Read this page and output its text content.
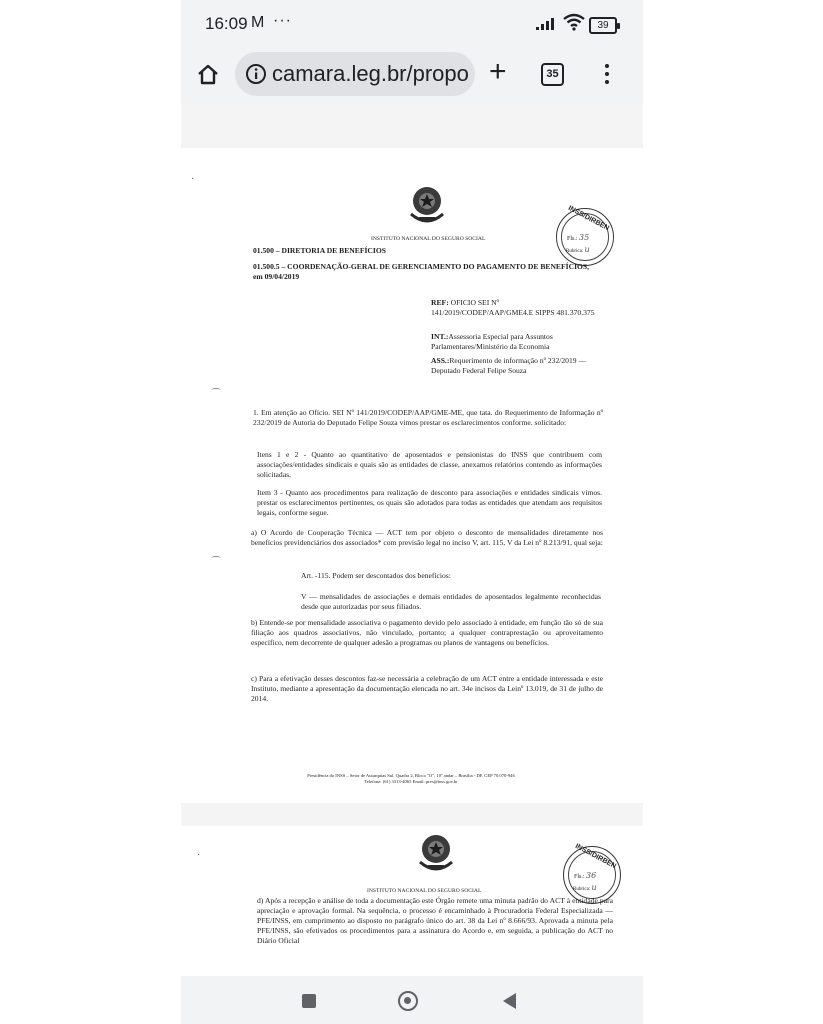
16:09 M ···	39
camara.leg.br/propo +	35
·
⌒
⌒

INSTITUTO NACIONAL DO SEGURO SOCIAL

INSS/DIRBEN
Fls.: 35
Rubrica: u

01.500 – DIRETORIA DE BENEFÍCIOS

01.500.5 – COORDENAÇÃO-GERAL DE GERENCIAMENTO DO PAGAMENTO DE BENEFÍCIOS, em 09/04/2019

REF: OFICIO SEI Nº 141/2019/CODEP/AAP/GME4.E SIPPS 481.370.375
INT.:Assessoria Especial para Assuntos Parlamentares/Ministério da Economia
ASS.:Requerimento de informação nº 232/2019 — Deputado Federal Felipe Souza

1. Em atenção ao Ofício. SEI Nº 141/2019/CODEP/AAP/GME-ME, que tata. do Requerimento de Informação nº 232/2019 de Autoria do Deputado Felipe Souza vimos prestar os esclarecimentos conforme. solicitado:

Itens 1 e 2 - Quanto ao quantitativo de aposentados e pensionistas do INSS que contribuem com associações/entidades sindicais e quais são as entidades de classe, anexamos relatórios contendo as informações solicitadas.

Item 3 - Quanto aos procedimentos para realização de desconto para associações e entidades sindicais vimos. prestar os esclarecimentos pertinentes, os quais são adotados para todas as entidades que atendam aos requisitos legais, conforme segue.

a) O Acordo de Cooperação Técnica — ACT tem por objeto o desconto de mensalidades diretamente nos benefícios previdenciários dos associados* com previsão legal no inciso V, art. 115, V da Lei nº 8.213/91, qual seja:

Art. -115. Podem ser descontados dos benefícios:

V — mensalidades de associações e demais entidades de aposentados legalmente reconhecidas desde que autorizadas por seus filiados.

b) Entende-se por mensalidade associativa o pagamento devido pelo associado à entidade, em função tão só de sua filiação aos quadros associativos, não vinculado, portanto; a qualquer contraprestação ou aproveitamento específico, nem decorrente de qualquer adesão a programas ou planos de vantagens ou benefícios.

c) Para a efetivação desses descontos faz-se necessária a celebração de um ACT entre a entidade interessada e este Instituto, mediante a apresentação da documentação elencada no art. 34e incisos da Leinº 13.019, de 31 de julho de 2014.

Presidência do INSS – Setor de Autarquias Sul, Quadra 2, Bloco "O", 10º andar – Brasília - DF. CEP 70.070-946
Telefone: (61) 3313-4065 Email: pres@inss.gov.br

·

INSTITUTO NACIONAL DO SEGURO SOCIAL

INSS/DIRBEN
Fls.: 36
Rubrica: u

d) Após a recepção e análise de toda a documentação este Órgão remete uma minuta padrão do ACT à entidade para apreciação e aprovação formal. Na sequência, o processo é encaminhado à Procuradoria Federal Especializada — PFE/INSS, em cumprimento ao disposto no parágrafo único do art. 38 da Lei nº 8.666/93. Aprovada a minuta pela PFE/INSS, são efetivados os procedimentos para a assinatura do Acordo e, em seguida, a publicação do ACT no Diário Oficial
